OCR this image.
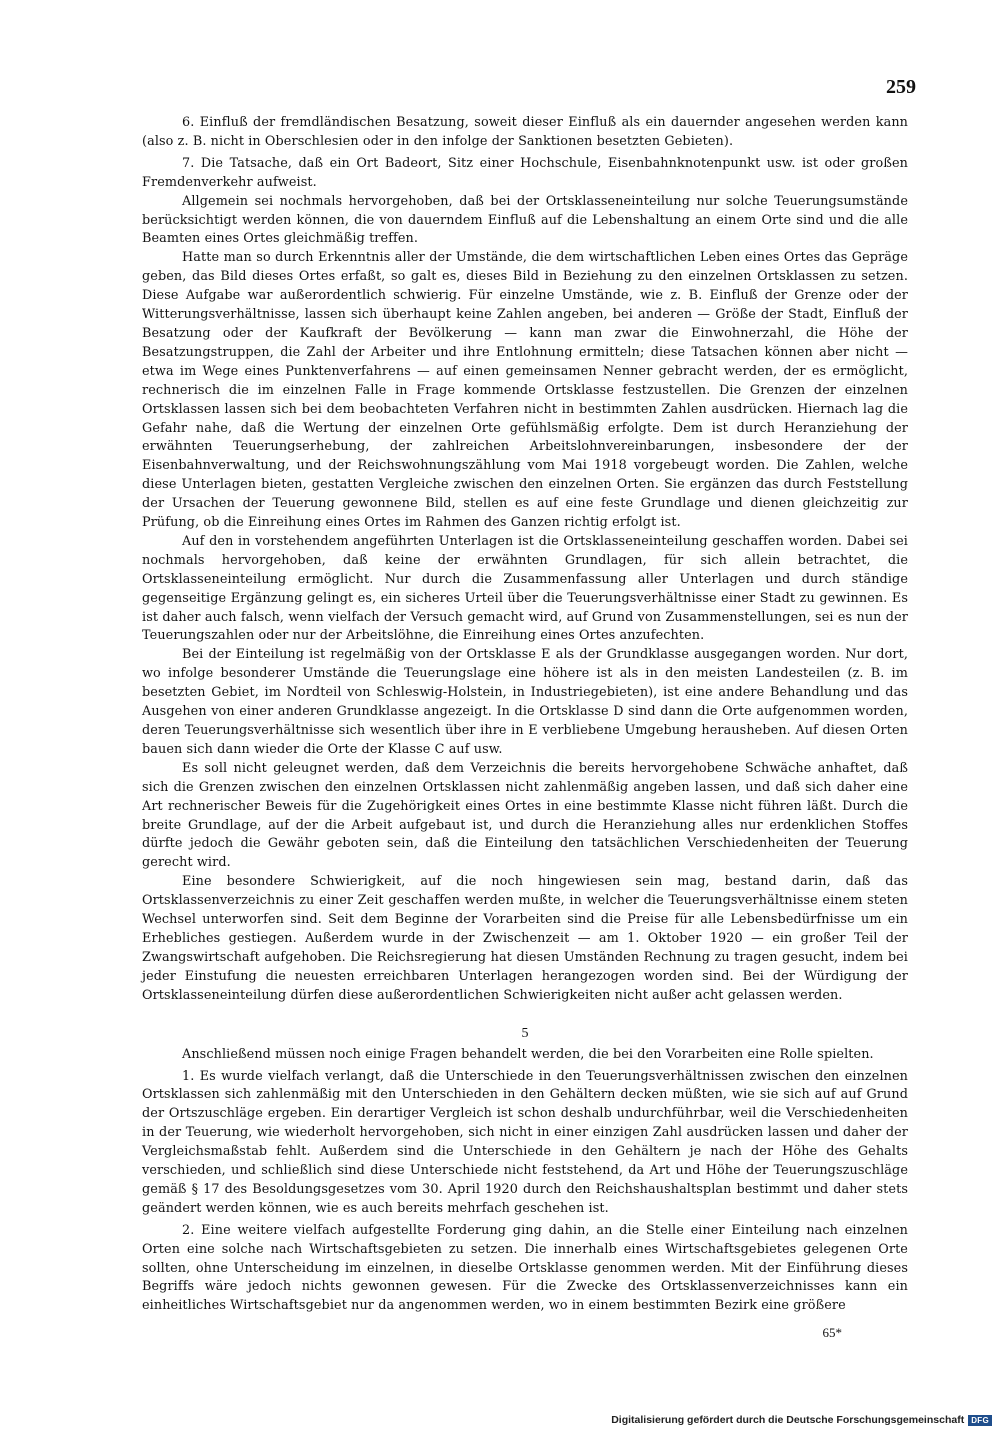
259

6. Einfluß der fremdländischen Besatzung, soweit dieser Einfluß als ein dauernder angesehen werden kann (also z. B. nicht in Oberschlesien oder in den infolge der Sanktionen besetzten Gebieten).

7. Die Tatsache, daß ein Ort Badeort, Sitz einer Hochschule, Eisenbahnknotenpunkt usw. ist oder großen Fremdenverkehr aufweist.

Allgemein sei nochmals hervorgehoben, daß bei der Ortsklasseneinteilung nur solche Teuerungsumstände berücksichtigt werden können, die von dauerndem Einfluß auf die Lebenshaltung an einem Orte sind und die alle Beamten eines Ortes gleichmäßig treffen.

Hatte man so durch Erkenntnis aller der Umstände, die dem wirtschaftlichen Leben eines Ortes das Gepräge geben, das Bild dieses Ortes erfaßt, so galt es, dieses Bild in Beziehung zu den einzelnen Ortsklassen zu setzen. Diese Aufgabe war außerordentlich schwierig. Für einzelne Umstände, wie z. B. Einfluß der Grenze oder der Witterungsverhältnisse, lassen sich überhaupt keine Zahlen angeben, bei anderen — Größe der Stadt, Einfluß der Besatzung oder der Kaufkraft der Bevölkerung — kann man zwar die Einwohnerzahl, die Höhe der Besatzungstruppen, die Zahl der Arbeiter und ihre Entlohnung ermitteln; diese Tatsachen können aber nicht — etwa im Wege eines Punktenverfahrens — auf einen gemeinsamen Nenner gebracht werden, der es ermöglicht, rechnerisch die im einzelnen Falle in Frage kommende Ortsklasse festzustellen. Die Grenzen der einzelnen Ortsklassen lassen sich bei dem beobachteten Verfahren nicht in bestimmten Zahlen ausdrücken. Hiernach lag die Gefahr nahe, daß die Wertung der einzelnen Orte gefühlsmäßig erfolgte. Dem ist durch Heranziehung der erwähnten Teuerungserhebung, der zahlreichen Arbeitslohnvereinbarungen, insbesondere der der Eisenbahnverwaltung, und der Reichswohnungszählung vom Mai 1918 vorgebeugt worden. Die Zahlen, welche diese Unterlagen bieten, gestatten Vergleiche zwischen den einzelnen Orten. Sie ergänzen das durch Feststellung der Ursachen der Teuerung gewonnene Bild, stellen es auf eine feste Grundlage und dienen gleichzeitig zur Prüfung, ob die Einreihung eines Ortes im Rahmen des Ganzen richtig erfolgt ist.

Auf den in vorstehendem angeführten Unterlagen ist die Ortsklasseneinteilung geschaffen worden. Dabei sei nochmals hervorgehoben, daß keine der erwähnten Grundlagen, für sich allein betrachtet, die Ortsklasseneinteilung ermöglicht. Nur durch die Zusammenfassung aller Unterlagen und durch ständige gegenseitige Ergänzung gelingt es, ein sicheres Urteil über die Teuerungsverhältnisse einer Stadt zu gewinnen. Es ist daher auch falsch, wenn vielfach der Versuch gemacht wird, auf Grund von Zusammenstellungen, sei es nun der Teuerungszahlen oder nur der Arbeitslöhne, die Einreihung eines Ortes anzufechten.

Bei der Einteilung ist regelmäßig von der Ortsklasse E als der Grundklasse ausgegangen worden. Nur dort, wo infolge besonderer Umstände die Teuerungslage eine höhere ist als in den meisten Landesteilen (z. B. im besetzten Gebiet, im Nordteil von Schleswig-Holstein, in Industriegebieten), ist eine andere Behandlung und das Ausgehen von einer anderen Grundklasse angezeigt. In die Ortsklasse D sind dann die Orte aufgenommen worden, deren Teuerungsverhältnisse sich wesentlich über ihre in E verbliebene Umgebung herausheben. Auf diesen Orten bauen sich dann wieder die Orte der Klasse C auf usw.

Es soll nicht geleugnet werden, daß dem Verzeichnis die bereits hervorgehobene Schwäche anhaftet, daß sich die Grenzen zwischen den einzelnen Ortsklassen nicht zahlenmäßig angeben lassen, und daß sich daher eine Art rechnerischer Beweis für die Zugehörigkeit eines Ortes in eine bestimmte Klasse nicht führen läßt. Durch die breite Grundlage, auf der die Arbeit aufgebaut ist, und durch die Heranziehung alles nur erdenklichen Stoffes dürfte jedoch die Gewähr geboten sein, daß die Einteilung den tatsächlichen Verschiedenheiten der Teuerung gerecht wird.

Eine besondere Schwierigkeit, auf die noch hingewiesen sein mag, bestand darin, daß das Ortsklassenverzeichnis zu einer Zeit geschaffen werden mußte, in welcher die Teuerungsverhältnisse einem steten Wechsel unterworfen sind. Seit dem Beginne der Vorarbeiten sind die Preise für alle Lebensbedürfnisse um ein Erhebliches gestiegen. Außerdem wurde in der Zwischenzeit — am 1. Oktober 1920 — ein großer Teil der Zwangswirtschaft aufgehoben. Die Reichsregierung hat diesen Umständen Rechnung zu tragen gesucht, indem bei jeder Einstufung die neuesten erreichbaren Unterlagen herangezogen worden sind. Bei der Würdigung der Ortsklasseneinteilung dürfen diese außerordentlichen Schwierigkeiten nicht außer acht gelassen werden.

5

Anschließend müssen noch einige Fragen behandelt werden, die bei den Vorarbeiten eine Rolle spielten.

1. Es wurde vielfach verlangt, daß die Unterschiede in den Teuerungsverhältnissen zwischen den einzelnen Ortsklassen sich zahlenmäßig mit den Unterschieden in den Gehältern decken müßten, wie sie sich auf auf Grund der Ortszuschläge ergeben. Ein derartiger Vergleich ist schon deshalb undurchführbar, weil die Verschiedenheiten in der Teuerung, wie wiederholt hervorgehoben, sich nicht in einer einzigen Zahl ausdrücken lassen und daher der Vergleichsmaßstab fehlt. Außerdem sind die Unterschiede in den Gehältern je nach der Höhe des Gehalts verschieden, und schließlich sind diese Unterschiede nicht feststehend, da Art und Höhe der Teuerungszuschläge gemäß § 17 des Besoldungsgesetzes vom 30. April 1920 durch den Reichshaushaltsplan bestimmt und daher stets geändert werden können, wie es auch bereits mehrfach geschehen ist.

2. Eine weitere vielfach aufgestellte Forderung ging dahin, an die Stelle einer Einteilung nach einzelnen Orten eine solche nach Wirtschaftsgebieten zu setzen. Die innerhalb eines Wirtschaftsgebietes gelegenen Orte sollten, ohne Unterscheidung im einzelnen, in dieselbe Ortsklasse genommen werden. Mit der Einführung dieses Begriffs wäre jedoch nichts gewonnen gewesen. Für die Zwecke des Ortsklassenverzeichnisses kann ein einheitliches Wirtschaftsgebiet nur da angenommen werden, wo in einem bestimmten Bezirk eine größere

65*
Digitalisierung gefördert durch die Deutsche Forschungsgemeinschaft DFG
